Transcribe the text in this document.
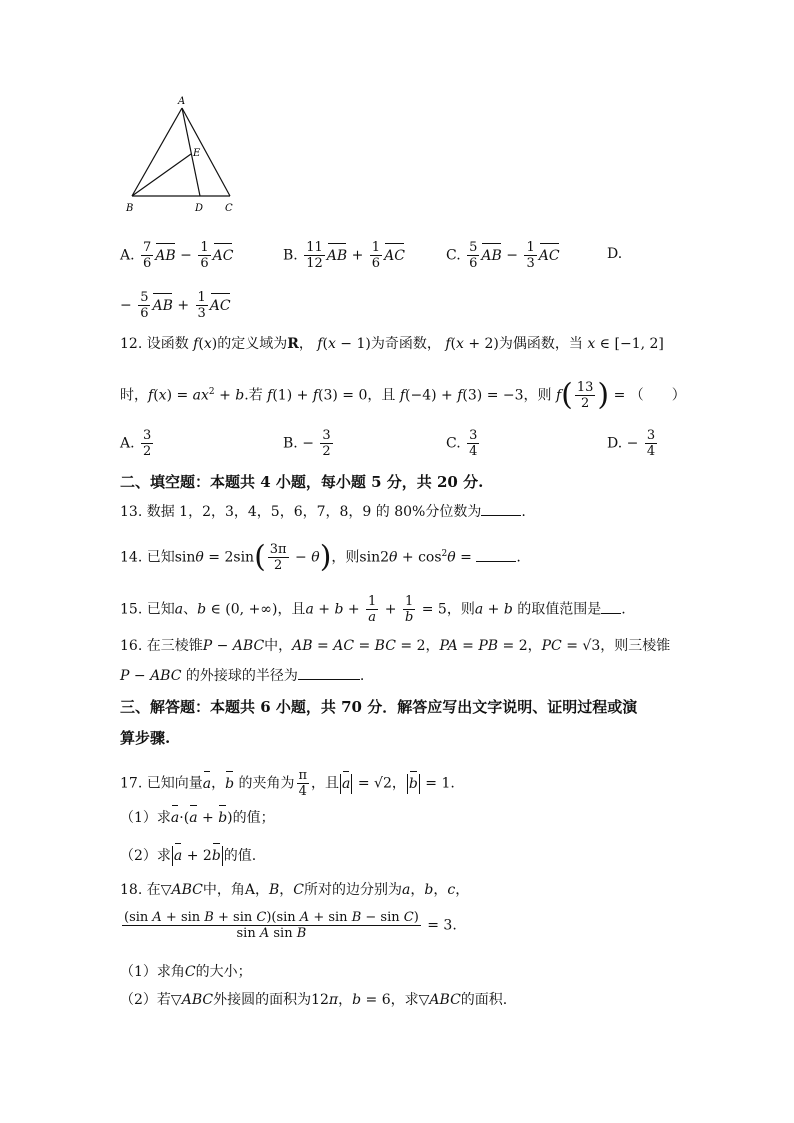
A
E
B	D C
A. $\frac{7}{6}$ AB − $\frac{1}{6}$ AC	B. $\frac{11}{12}$ AB + $\frac{1}{6}$ AC	C. $\frac{5}{6}$ AB − $\frac{1}{3}$ AC	D.
− $\frac{5}{6}$ AB + $\frac{1}{3}$ AC
12. 设函数 f(x)的定义域为R， f(x − 1)为奇函数， f(x + 2)为偶函数，当 x ∈ [−1, 2]
时，$f(x) = ax^2 + b$.若 f(1) + f(3) = 0，且 f(−4) + f(3) = −3，则 $f( \frac{13}{2}$ ) = （　　）
A. $\frac{3}{2}$	B. − $\frac{3}{2}$	C. $\frac{3}{4}$	D. − $\frac{3}{4}$
二、填空题：本题共 4 小题，每小题 5 分，共 20 分.
13. 数据 1，2，3，4，5，6，7，8，9 的 80%分位数为	.
14. 已知$\sin\theta = 2\sin( \frac{3\pi}{2} - \theta)$，则$\sin 2\theta + \cos^2\theta$ =	.
15. 已知a、b ∈ (0, +∞)，且$a + b + \frac{1}{a} + \frac{1}{b} = 5$，则a + b 的取值范围是 .
16. 在三棱锥P − ABC中，AB = AC = BC = 2，PA = PB = 2，PC = √3，则三棱锥
P − ABC 的外接球的半径为	.
三、解答题：本题共 6 小题，共 70 分．解答应写出文字说明、证明过程或演
算步骤.
17. 已知向量a，b 的夹角为 $\frac{\pi}{4}$ ，且 a = √2， b = 1.
（1）求a·(a + b)的值；
（2）求 a + 2b 的值.
18. 在▽ABC中，角A，B，C所对的边分别为a，b，c，
$\frac{\text{(sin A + sin B + sin C)(sin A + sin B − sin C)}}{\text{sin A sin B}} = 3$.
（1）求角C的大小；
（2）若▽ABC外接圆的面积为12π，b = 6，求▽ABC的面积.
